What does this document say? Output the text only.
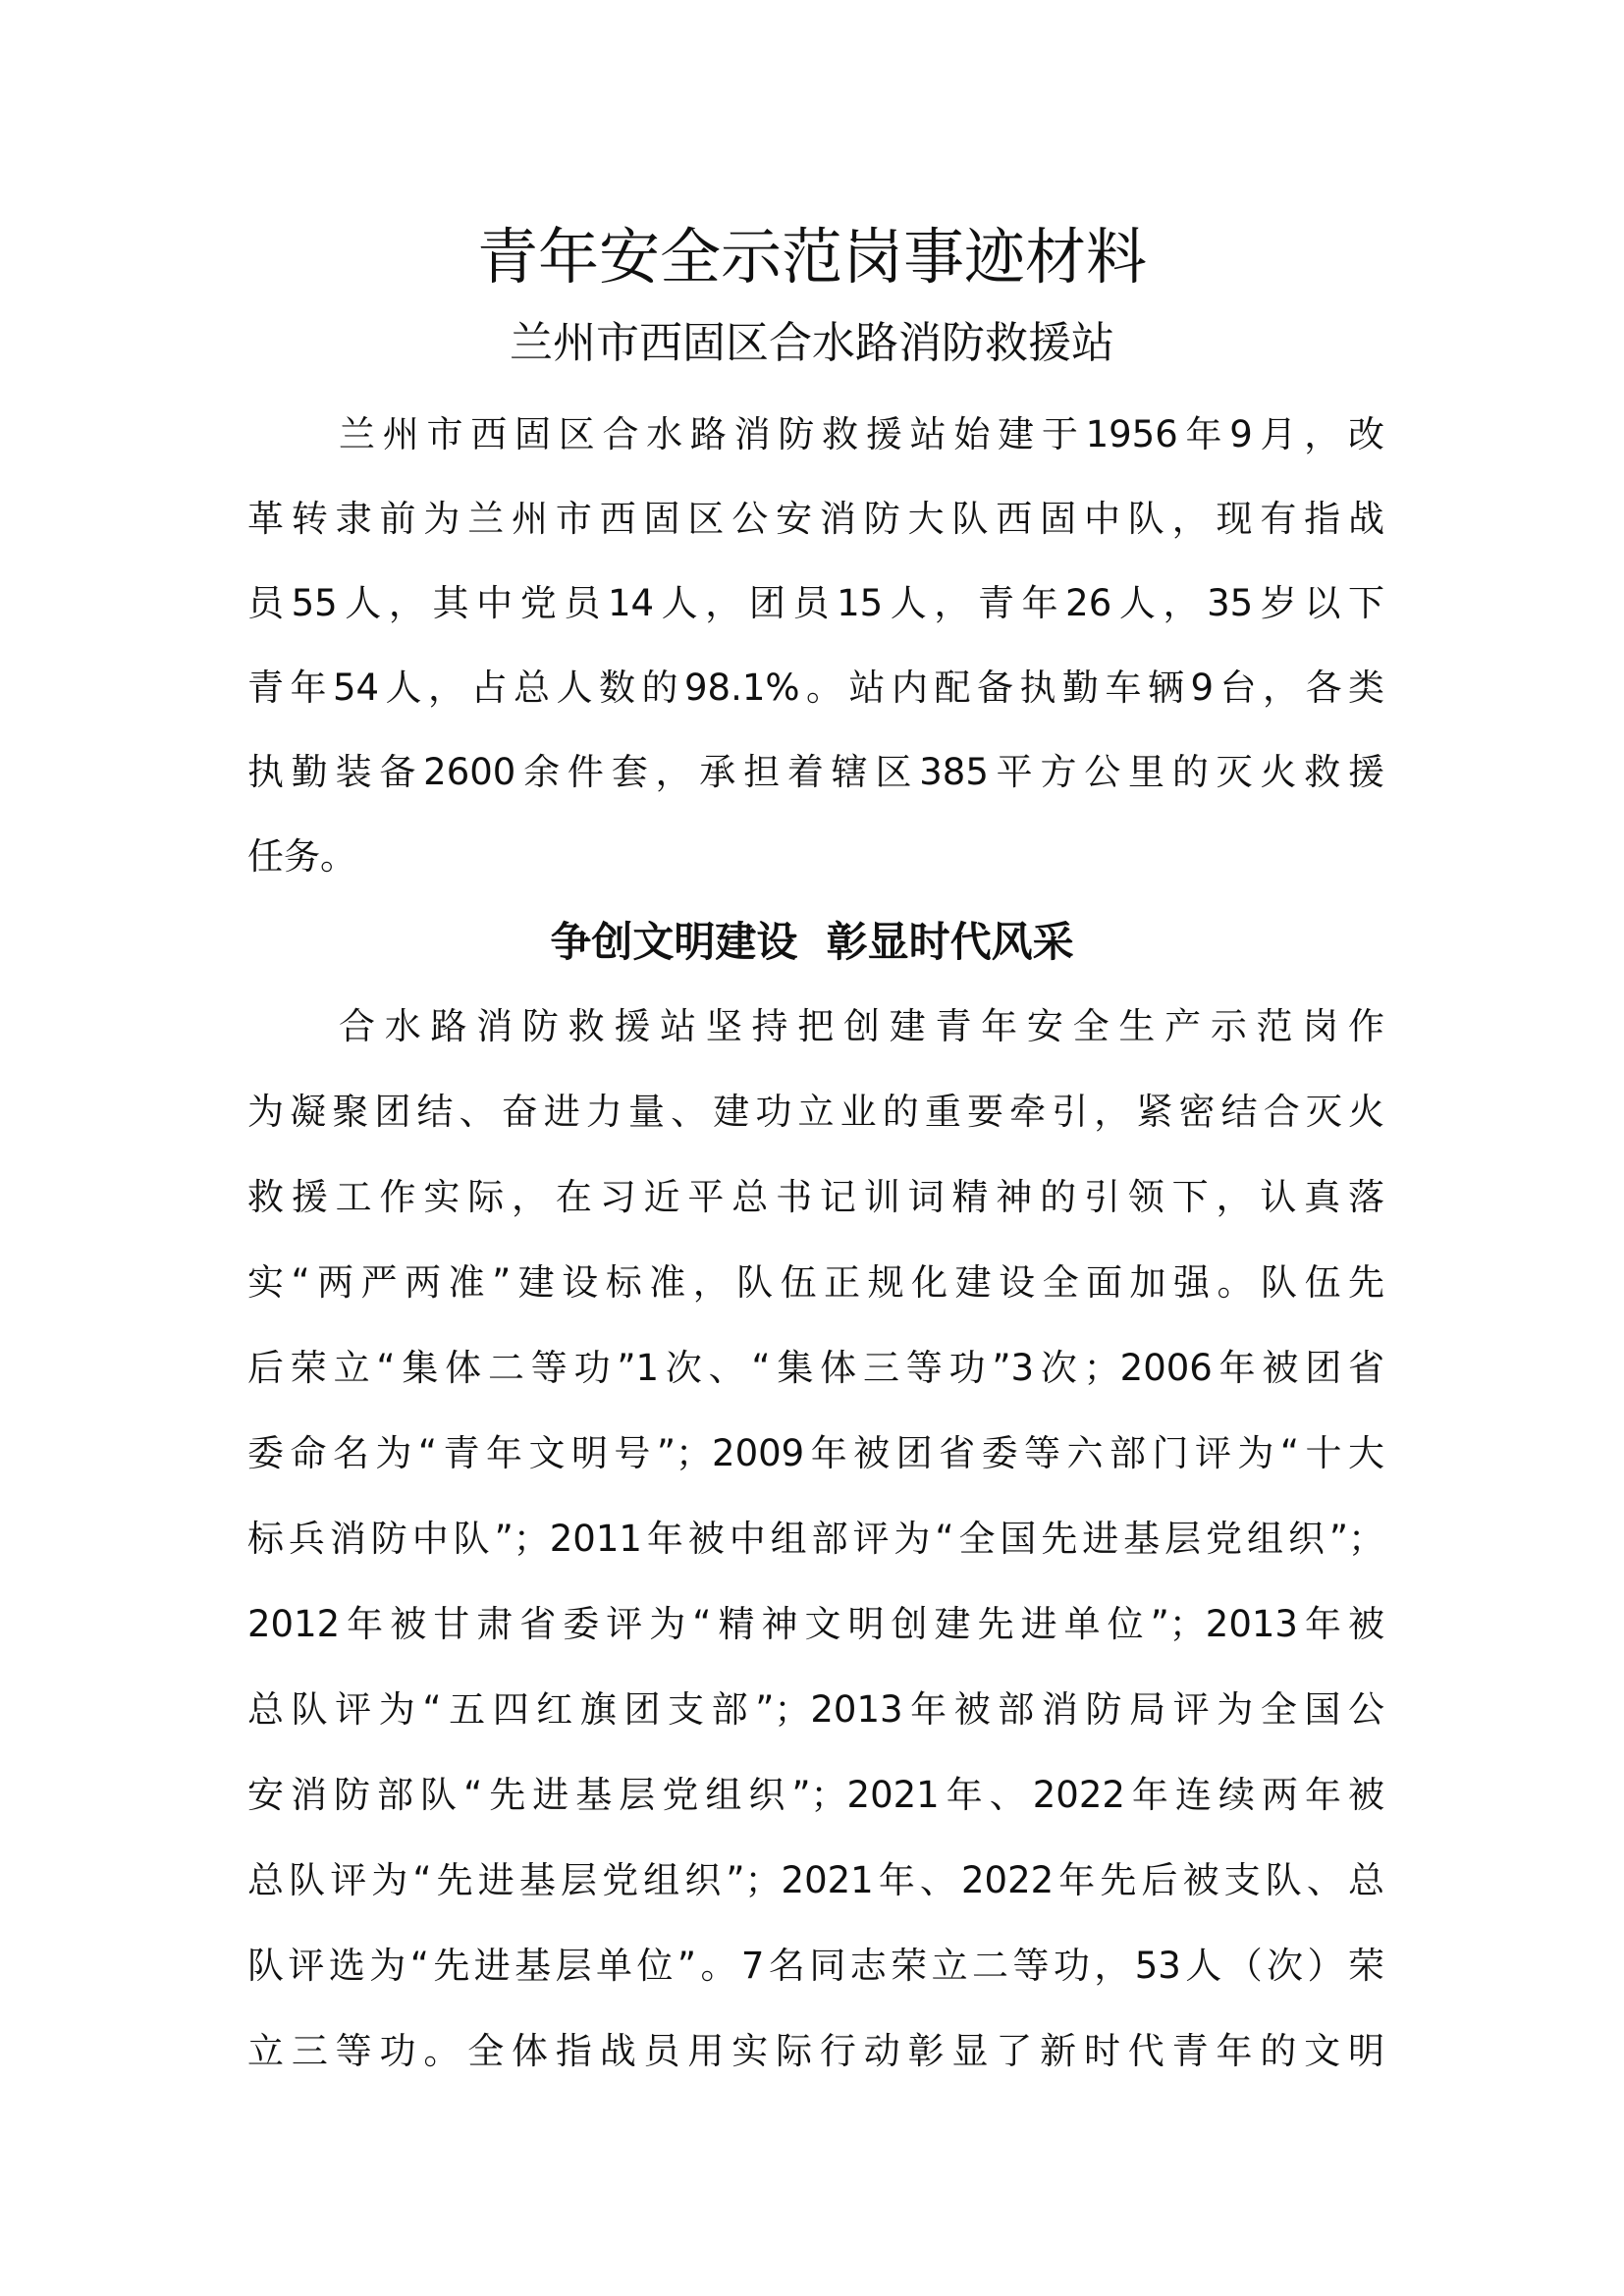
青年安全示范岗事迹材料
兰州市西固区合水路消防救援站
兰州市西固区合水路消防救援站始建于1956年9月，改
革转隶前为兰州市西固区公安消防大队西固中队，现有指战
员55人，其中党员14人，团员15人，青年26人，35岁以下
青年54人，占总人数的98.1%。站内配备执勤车辆9台，各类
执勤装备2600余件套，承担着辖区385平方公里的灭火救援
任务。
争创文明建设  彰显时代风采
合水路消防救援站坚持把创建青年安全生产示范岗作
为凝聚团结、奋进力量、建功立业的重要牵引，紧密结合灭火
救援工作实际，在习近平总书记训词精神的引领下，认真落
实“两严两准”建设标准，队伍正规化建设全面加强。队伍先
后荣立“集体二等功”1次、“集体三等功”3次；2006年被团省
委命名为“青年文明号”；2009年被团省委等六部门评为“十大
标兵消防中队”；2011年被中组部评为“全国先进基层党组织”；
2012年被甘肃省委评为“精神文明创建先进单位”；2013年被
总队评为“五四红旗团支部”；2013年被部消防局评为全国公
安消防部队“先进基层党组织”；2021年、2022年连续两年被
总队评为“先进基层党组织”；2021年、2022年先后被支队、总
队评选为“先进基层单位”。7名同志荣立二等功，53人（次）荣
立三等功。全体指战员用实际行动彰显了新时代青年的文明
